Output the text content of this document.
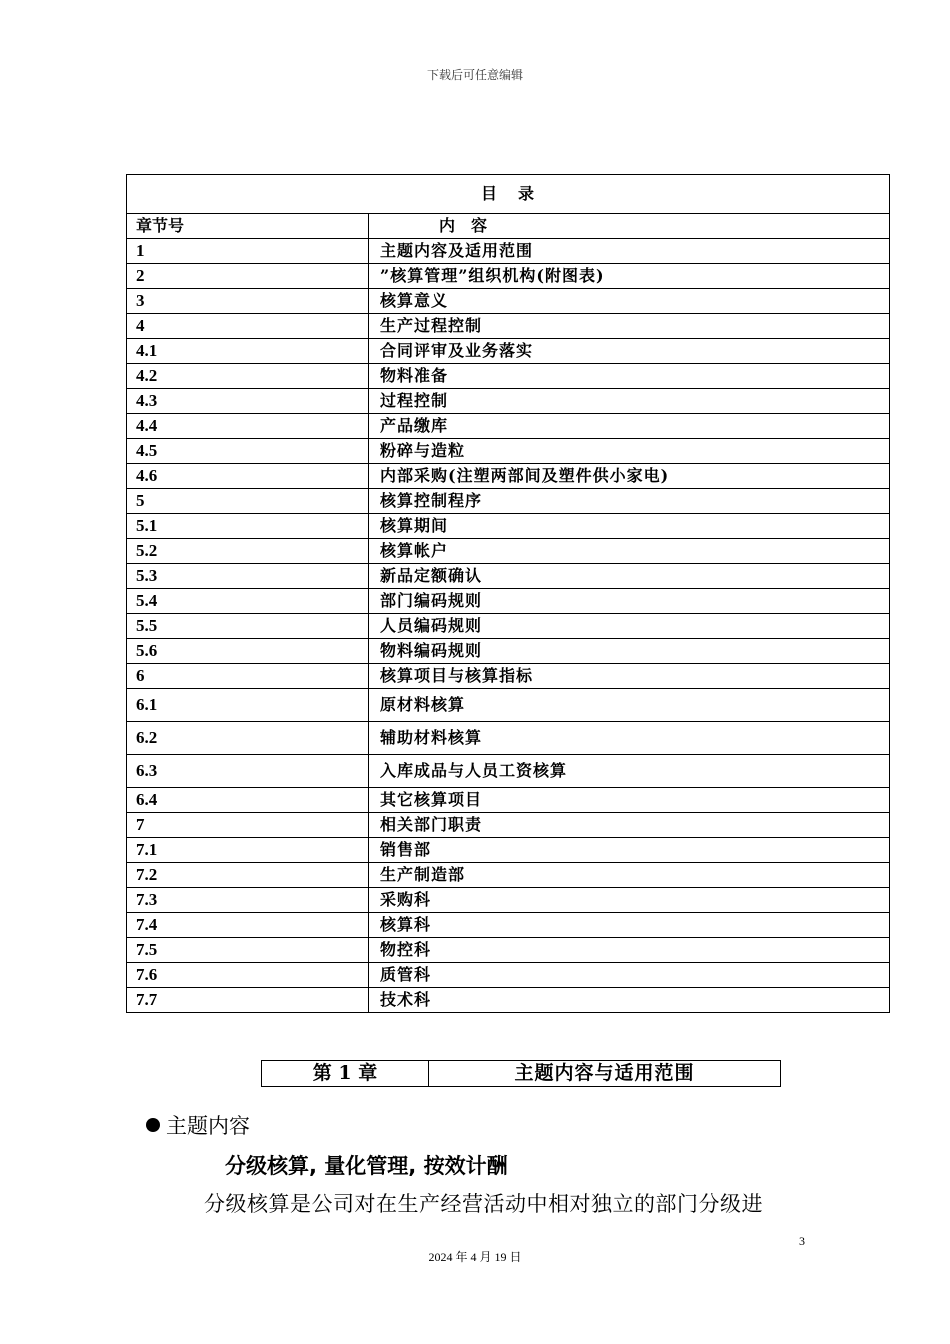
下载后可任意编辑
目 录	
章节号	内　容
1	主题内容及适用范围
2	”核算管理”组织机构(附图表)
3	核算意义
4	生产过程控制
4.1	合同评审及业务落实
4.2	物料准备
4.3	过程控制
4.4	产品缴库
4.5	粉碎与造粒
4.6	内部采购(注塑两部间及塑件供小家电)
5	核算控制程序
5.1	核算期间
5.2	核算帐户
5.3	新品定额确认
5.4	部门编码规则
5.5	人员编码规则
5.6	物料编码规则
6	核算项目与核算指标
6.1	原材料核算
6.2	辅助材料核算
6.3	入库成品与人员工资核算
6.4	其它核算项目
7	相关部门职责
7.1	销售部
7.2	生产制造部
7.3	采购科
7.4	核算科
7.5	物控科
7.6	质管科
7.7	技术科
第 1 章	主题内容与适用范围
主题内容
分级核算, 量化管理, 按效计酬
分级核算是公司对在生产经营活动中相对独立的部门分级进
3
2024 年 4 月 19 日
